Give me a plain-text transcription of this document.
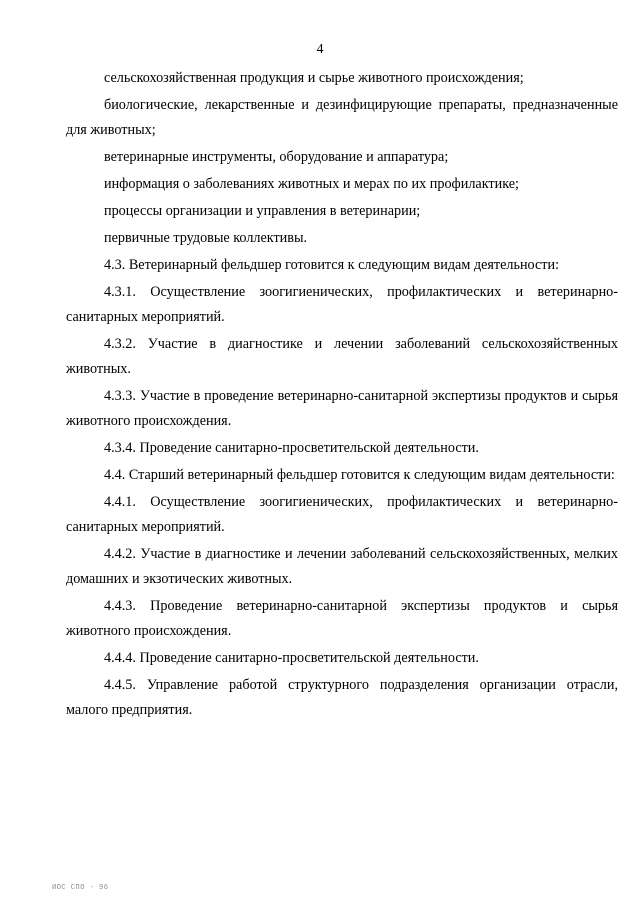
4

сельскохозяйственная продукция и сырье животного происхождения;

биологические, лекарственные и дезинфицирующие препараты, предназначенные для животных;

ветеринарные инструменты, оборудование и аппаратура;

информация о заболеваниях животных и мерах по их профилактике;

процессы организации и управления в ветеринарии;

первичные трудовые коллективы.

4.3. Ветеринарный фельдшер готовится к следующим видам деятельности:

4.3.1. Осуществление зоогигиенических, профилактических и ветеринарно-санитарных мероприятий.

4.3.2. Участие в диагностике и лечении заболеваний сельскохозяйственных животных.

4.3.3. Участие в проведение ветеринарно-санитарной экспертизы продуктов и сырья животного происхождения.

4.3.4. Проведение санитарно-просветительской деятельности.

4.4. Старший ветеринарный фельдшер готовится к следующим видам деятельности:

4.4.1. Осуществление зоогигиенических, профилактических и ветеринарно-санитарных мероприятий.

4.4.2. Участие в диагностике и лечении заболеваний сельскохозяйственных, мелких домашних и экзотических животных.

4.4.3. Проведение ветеринарно-санитарной экспертизы продуктов и сырья животного происхождения.

4.4.4. Проведение санитарно-просветительской деятельности.

4.4.5. Управление работой структурного подразделения организации отрасли, малого предприятия.

ИОС СПО - 96
